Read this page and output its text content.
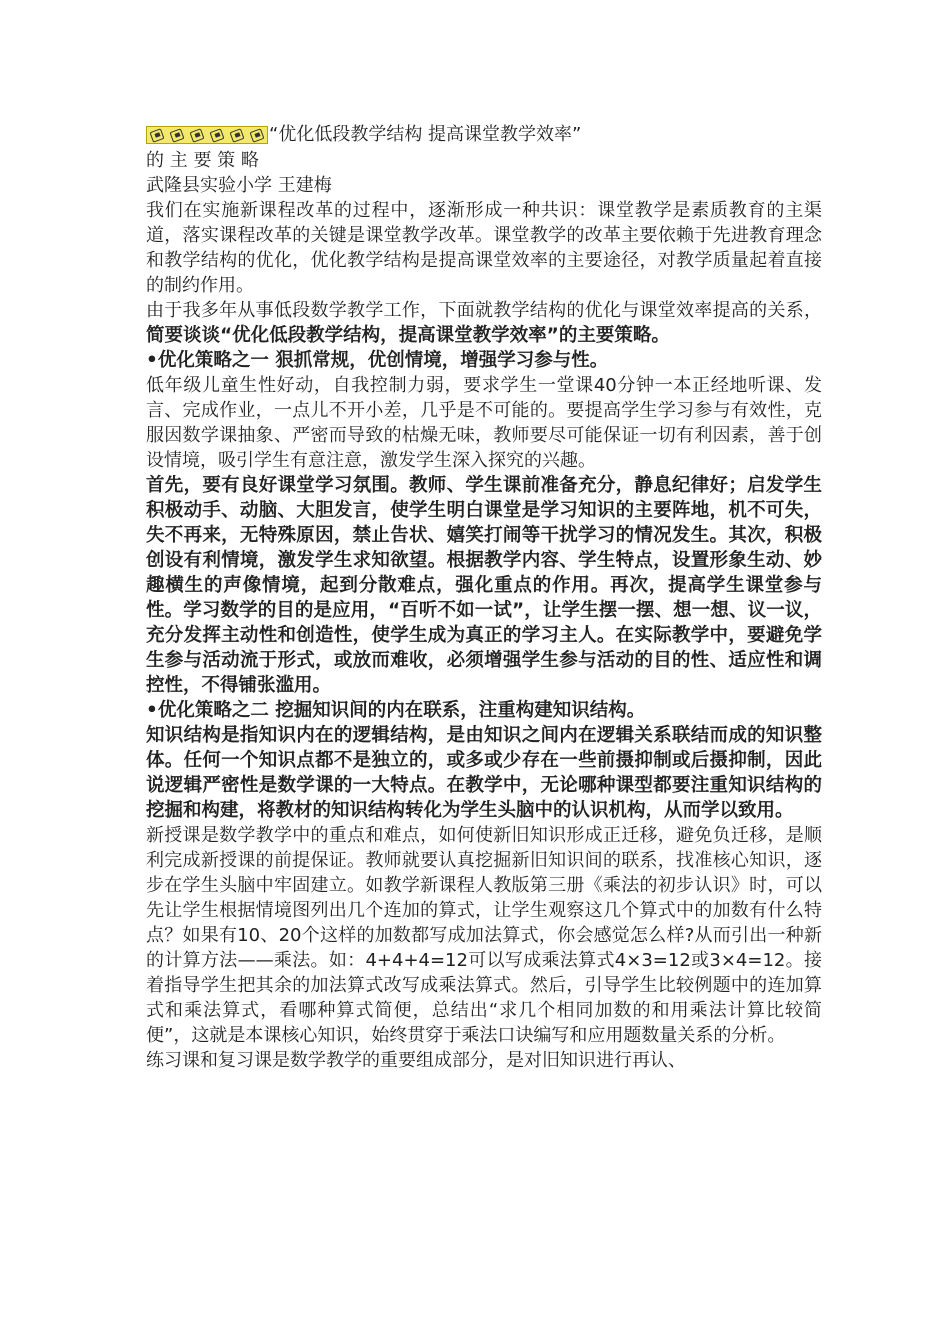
“优化低段教学结构 提高课堂教学效率”
的 主 要 策 略
武隆县实验小学 王建梅

我们在实施新课程改革的过程中，逐渐形成一种共识：课堂教学是素质教育的主渠道，落实课程改革的关键是课堂教学改革。课堂教学的改革主要依赖于先进教育理念和教学结构的优化，优化教学结构是提高课堂效率的主要途径，对教学质量起着直接的制约作用。

由于我多年从事低段数学教学工作，下面就教学结构的优化与课堂效率提高的关系，简要谈谈“优化低段教学结构，提高课堂教学效率”的主要策略。

•优化策略之一 狠抓常规，优创情境，增强学习参与性。

低年级儿童生性好动，自我控制力弱，要求学生一堂课40分钟一本正经地听课、发言、完成作业，一点儿不开小差，几乎是不可能的。要提高学生学习参与有效性，克服因数学课抽象、严密而导致的枯燥无味，教师要尽可能保证一切有利因素，善于创设情境，吸引学生有意注意，激发学生深入探究的兴趣。

首先，要有良好课堂学习氛围。教师、学生课前准备充分，静息纪律好；启发学生积极动手、动脑、大胆发言，使学生明白课堂是学习知识的主要阵地，机不可失，失不再来，无特殊原因，禁止告状、嬉笑打闹等干扰学习的情况发生。其次，积极创设有利情境，激发学生求知欲望。根据教学内容、学生特点，设置形象生动、妙趣横生的声像情境，起到分散难点，强化重点的作用。再次，提高学生课堂参与性。学习数学的目的是应用，“百听不如一试”，让学生摆一摆、想一想、议一议，充分发挥主动性和创造性，使学生成为真正的学习主人。在实际教学中，要避免学生参与活动流于形式，或放而难收，必须增强学生参与活动的目的性、适应性和调控性，不得铺张滥用。

•优化策略之二 挖掘知识间的内在联系，注重构建知识结构。

知识结构是指知识内在的逻辑结构，是由知识之间内在逻辑关系联结而成的知识整体。任何一个知识点都不是独立的，或多或少存在一些前摄抑制或后摄抑制，因此说逻辑严密性是数学课的一大特点。在教学中，无论哪种课型都要注重知识结构的挖掘和构建，将教材的知识结构转化为学生头脑中的认识机构，从而学以致用。

新授课是数学教学中的重点和难点，如何使新旧知识形成正迁移，避免负迁移，是顺利完成新授课的前提保证。教师就要认真挖掘新旧知识间的联系，找准核心知识，逐步在学生头脑中牢固建立。如教学新课程人教版第三册《乘法的初步认识》时，可以先让学生根据情境图列出几个连加的算式，让学生观察这几个算式中的加数有什么特点？如果有10、20个这样的加数都写成加法算式，你会感觉怎么样?从而引出一种新的计算方法——乘法。如：4+4+4=12可以写成乘法算式4×3=12或3×4=12。接着指导学生把其余的加法算式改写成乘法算式。然后，引导学生比较例题中的连加算式和乘法算式，看哪种算式简便，总结出“求几个相同加数的和用乘法计算比较简便”，这就是本课核心知识，始终贯穿于乘法口诀编写和应用题数量关系的分析。

练习课和复习课是数学教学的重要组成部分，是对旧知识进行再认、
